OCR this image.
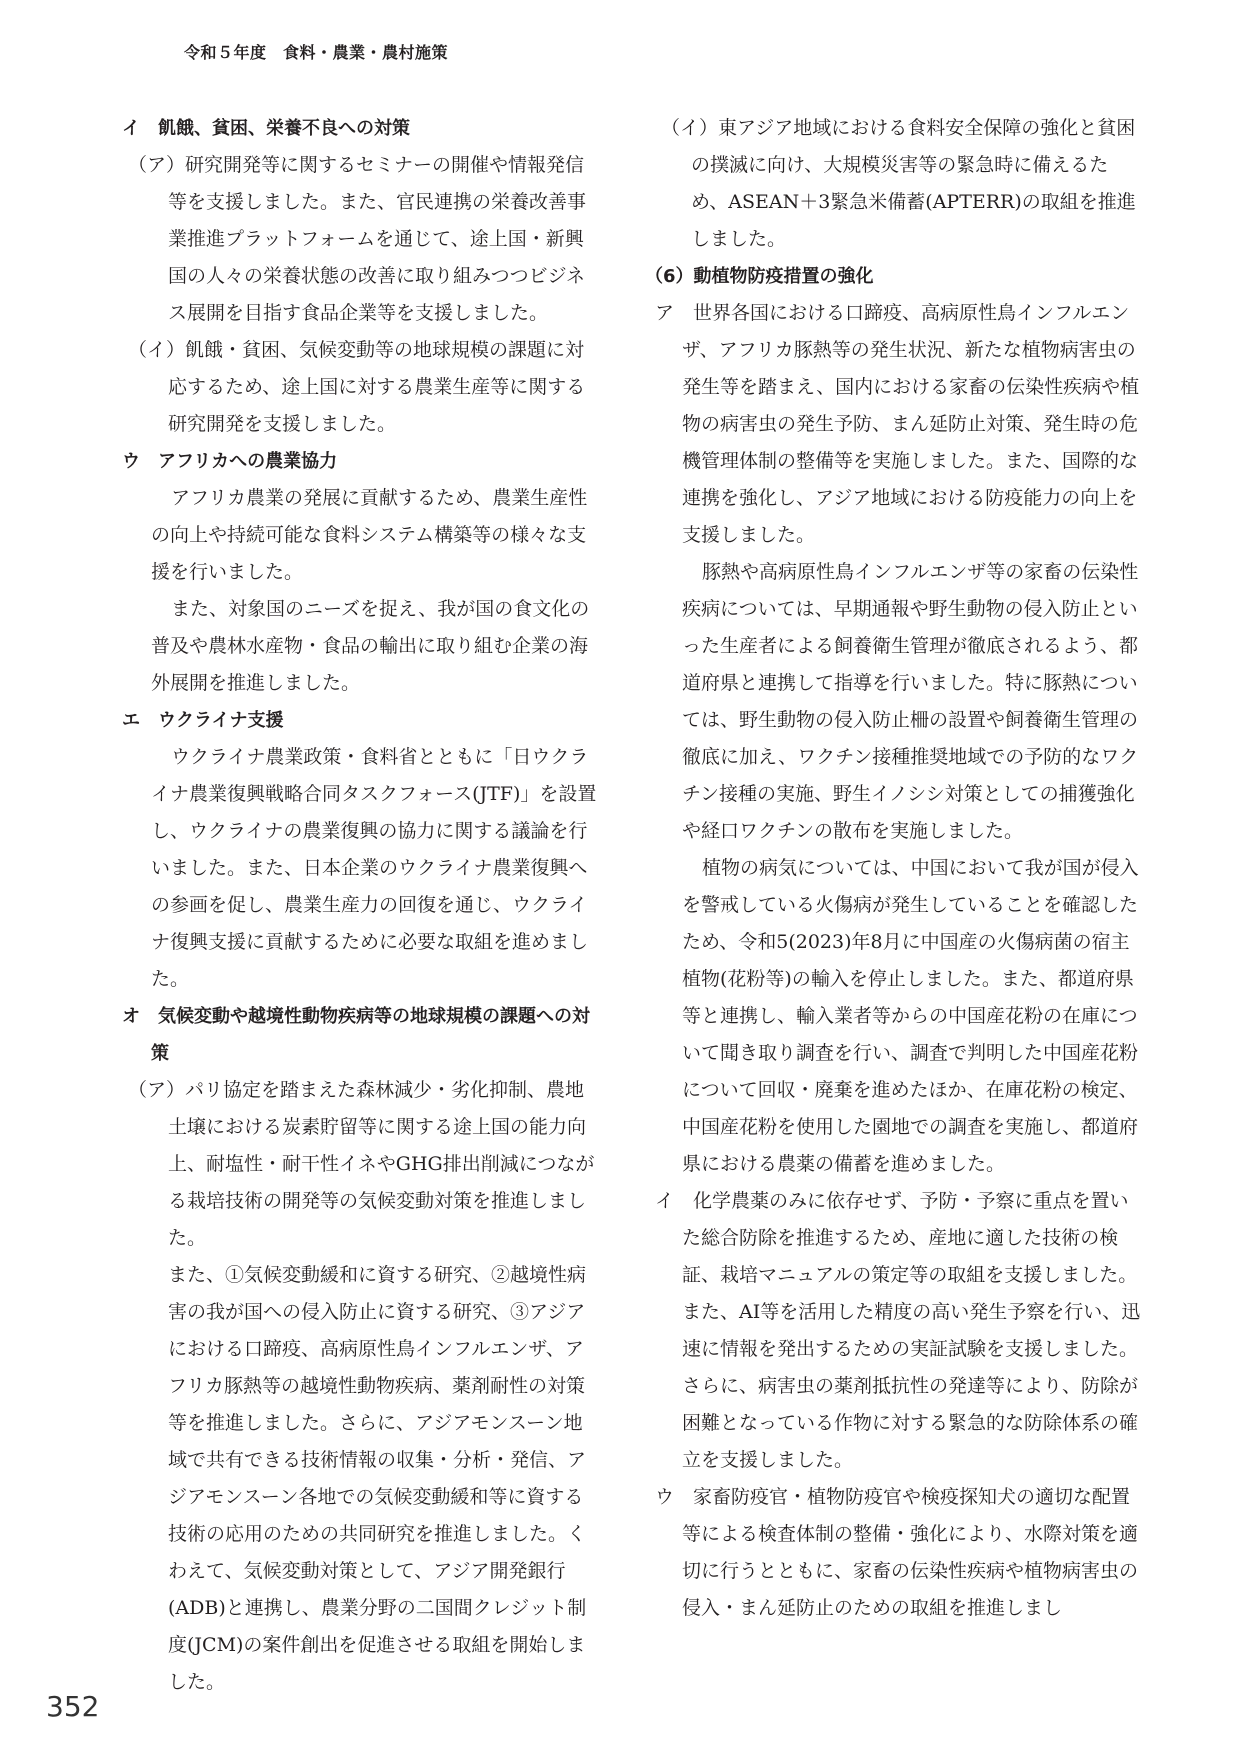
令和５年度　食料・農業・農村施策

イ　飢餓、貧困、栄養不良への対策

（ア）研究開発等に関するセミナーの開催や情報発信等を支援しました。また、官民連携の栄養改善事業推進プラットフォームを通じて、途上国・新興国の人々の栄養状態の改善に取り組みつつビジネス展開を目指す食品企業等を支援しました。

（イ）飢餓・貧困、気候変動等の地球規模の課題に対応するため、途上国に対する農業生産等に関する研究開発を支援しました。

ウ　アフリカへの農業協力

アフリカ農業の発展に貢献するため、農業生産性の向上や持続可能な食料システム構築等の様々な支援を行いました。

また、対象国のニーズを捉え、我が国の食文化の普及や農林水産物・食品の輸出に取り組む企業の海外展開を推進しました。

エ　ウクライナ支援

ウクライナ農業政策・食料省とともに「日ウクライナ農業復興戦略合同タスクフォース(JTF)」を設置し、ウクライナの農業復興の協力に関する議論を行いました。また、日本企業のウクライナ農業復興への参画を促し、農業生産力の回復を通じ、ウクライナ復興支援に貢献するために必要な取組を進めました。

オ　気候変動や越境性動物疾病等の地球規模の課題への対策

（ア）パリ協定を踏まえた森林減少・劣化抑制、農地土壌における炭素貯留等に関する途上国の能力向上、耐塩性・耐干性イネやGHG排出削減につながる栽培技術の開発等の気候変動対策を推進しました。

また、①気候変動緩和に資する研究、②越境性病害の我が国への侵入防止に資する研究、③アジアにおける口蹄疫、高病原性鳥インフルエンザ、アフリカ豚熱等の越境性動物疾病、薬剤耐性の対策等を推進しました。さらに、アジアモンスーン地域で共有できる技術情報の収集・分析・発信、アジアモンスーン各地での気候変動緩和等に資する技術の応用のための共同研究を推進しました。くわえて、気候変動対策として、アジア開発銀行(ADB)と連携し、農業分野の二国間クレジット制度(JCM)の案件創出を促進させる取組を開始しました。

（イ）東アジア地域における食料安全保障の強化と貧困の撲滅に向け、大規模災害等の緊急時に備えるため、ASEAN＋3緊急米備蓄(APTERR)の取組を推進しました。

（6）動植物防疫措置の強化

ア　世界各国における口蹄疫、高病原性鳥インフルエンザ、アフリカ豚熱等の発生状況、新たな植物病害虫の発生等を踏まえ、国内における家畜の伝染性疾病や植物の病害虫の発生予防、まん延防止対策、発生時の危機管理体制の整備等を実施しました。また、国際的な連携を強化し、アジア地域における防疫能力の向上を支援しました。

豚熱や高病原性鳥インフルエンザ等の家畜の伝染性疾病については、早期通報や野生動物の侵入防止といった生産者による飼養衛生管理が徹底されるよう、都道府県と連携して指導を行いました。特に豚熱については、野生動物の侵入防止柵の設置や飼養衛生管理の徹底に加え、ワクチン接種推奨地域での予防的なワクチン接種の実施、野生イノシシ対策としての捕獲強化や経口ワクチンの散布を実施しました。

植物の病気については、中国において我が国が侵入を警戒している火傷病が発生していることを確認したため、令和5(2023)年8月に中国産の火傷病菌の宿主植物(花粉等)の輸入を停止しました。また、都道府県等と連携し、輸入業者等からの中国産花粉の在庫について聞き取り調査を行い、調査で判明した中国産花粉について回収・廃棄を進めたほか、在庫花粉の検定、中国産花粉を使用した園地での調査を実施し、都道府県における農薬の備蓄を進めました。

イ　化学農薬のみに依存せず、予防・予察に重点を置いた総合防除を推進するため、産地に適した技術の検証、栽培マニュアルの策定等の取組を支援しました。また、AI等を活用した精度の高い発生予察を行い、迅速に情報を発出するための実証試験を支援しました。さらに、病害虫の薬剤抵抗性の発達等により、防除が困難となっている作物に対する緊急的な防除体系の確立を支援しました。

ウ　家畜防疫官・植物防疫官や検疫探知犬の適切な配置等による検査体制の整備・強化により、水際対策を適切に行うとともに、家畜の伝染性疾病や植物病害虫の侵入・まん延防止のための取組を推進しまし

352
